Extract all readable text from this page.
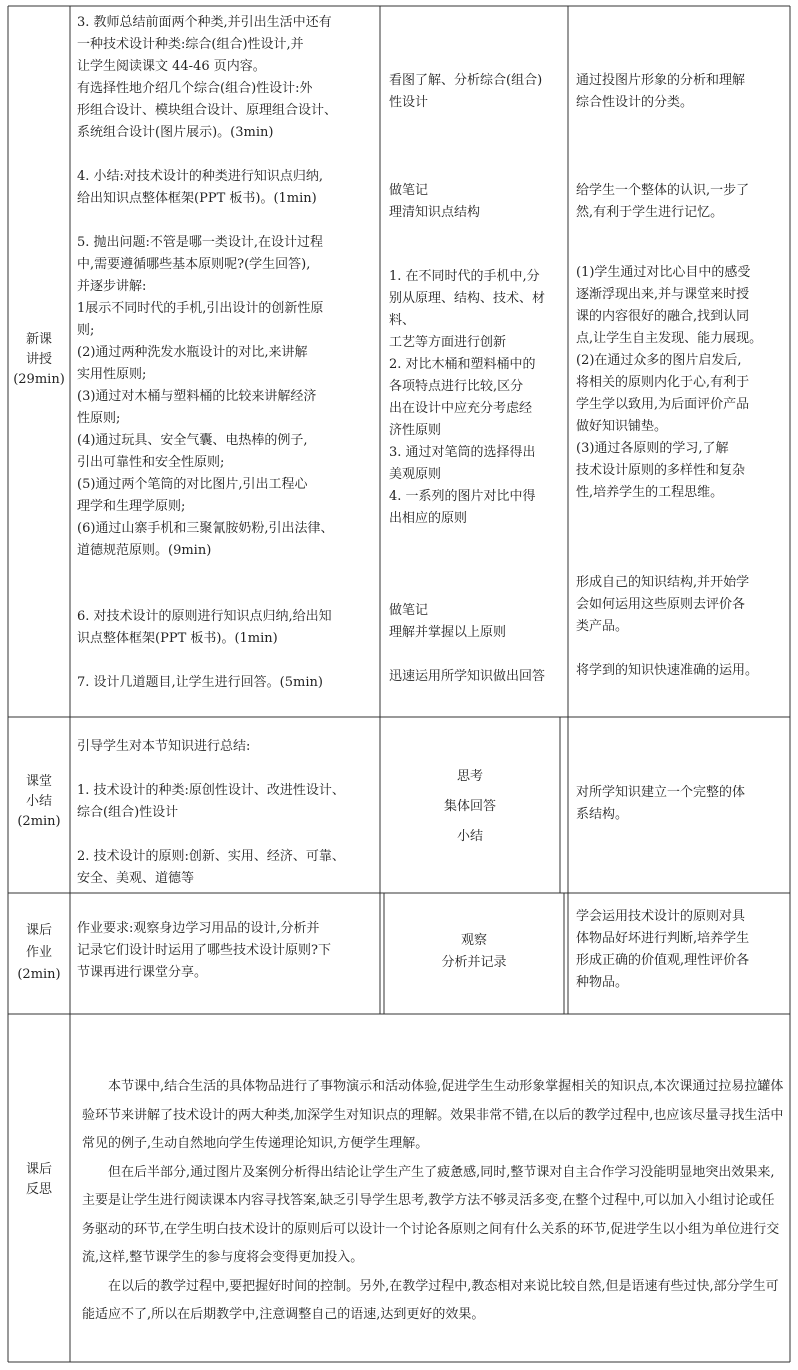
新课
讲授
(29min)

3. 教师总结前面两个种类,并引出生活中还有

一种技术设计种类:综合(组合)性设计,并

让学生阅读课文 44-46 页内容。

有选择性地介绍几个综合(组合)性设计:外

形组合设计、模块组合设计、原理组合设计、

系统组合设计(图片展示)。(3min)

4. 小结:对技术设计的种类进行知识点归纳,

给出知识点整体框架(PPT 板书)。(1min)

5. 抛出问题:不管是哪一类设计,在设计过程

中,需要遵循哪些基本原则呢?(学生回答),

并逐步讲解:

1展示不同时代的手机,引出设计的创新性原

则;

(2)通过两种洗发水瓶设计的对比,来讲解

实用性原则;

(3)通过对木桶与塑料桶的比较来讲解经济

性原则;

(4)通过玩具、安全气囊、电热棒的例子,

引出可靠性和安全性原则;

(5)通过两个笔筒的对比图片,引出工程心

理学和生理学原则;

(6)通过山寨手机和三聚氰胺奶粉,引出法律、

道德规范原则。(9min)

6. 对技术设计的原则进行知识点归纳,给出知

识点整体框架(PPT 板书)。(1min)

7. 设计几道题目,让学生进行回答。(5min)

看图了解、分析综合(组合)

性设计

做笔记

理清知识点结构

1. 在不同时代的手机中,分

别从原理、结构、技术、材料、

工艺等方面进行创新

2. 对比木桶和塑料桶中的

各项特点进行比较,区分

出在设计中应充分考虑经

济性原则

3. 通过对笔筒的选择得出

美观原则

4. 一系列的图片对比中得

出相应的原则

做笔记

理解并掌握以上原则

迅速运用所学知识做出回答

通过投图片形象的分析和理解

综合性设计的分类。

给学生一个整体的认识,一步了

然,有利于学生进行记忆。

(1)学生通过对比心目中的感受

逐渐浮现出来,并与课堂来时授

课的内容很好的融合,找到认同

点,让学生自主发现、能力展现。

(2)在通过众多的图片启发后,

将相关的原则内化于心,有利于

学生学以致用,为后面评价产品

做好知识铺垫。

(3)通过各原则的学习,了解

技术设计原则的多样性和复杂

性,培养学生的工程思维。

形成自己的知识结构,并开始学

会如何运用这些原则去评价各

类产品。

将学到的知识快速准确的运用。

课堂
小结
(2min)

引导学生对本节知识进行总结:

1. 技术设计的种类:原创性设计、改进性设计、

综合(组合)性设计

2. 技术设计的原则:创新、实用、经济、可靠、

安全、美观、道德等

思考

集体回答

小结

对所学知识建立一个完整的体

系结构。

课后
作业
(2min)

作业要求:观察身边学习用品的设计,分析并

记录它们设计时运用了哪些技术设计原则?下

节课再进行课堂分享。

观察

分析并记录

学会运用技术设计的原则对具

体物品好坏进行判断,培养学生

形成正确的价值观,理性评价各

种物品。

课后
反思

本节课中,结合生活的具体物品进行了事物演示和活动体验,促进学生生动形象掌握相关的知识点,本次课通过拉易拉罐体验环节来讲解了技术设计的两大种类,加深学生对知识点的理解。效果非常不错,在以后的教学过程中,也应该尽量寻找生活中常见的例子,生动自然地向学生传递理论知识,方便学生理解。

但在后半部分,通过图片及案例分析得出结论让学生产生了疲惫感,同时,整节课对自主合作学习没能明显地突出效果来,主要是让学生进行阅读课本内容寻找答案,缺乏引导学生思考,教学方法不够灵活多变,在整个过程中,可以加入小组讨论或任务驱动的环节,在学生明白技术设计的原则后可以设计一个讨论各原则之间有什么关系的环节,促进学生以小组为单位进行交流,这样,整节课学生的参与度将会变得更加投入。

在以后的教学过程中,要把握好时间的控制。另外,在教学过程中,教态相对来说比较自然,但是语速有些过快,部分学生可能适应不了,所以在后期教学中,注意调整自己的语速,达到更好的效果。
